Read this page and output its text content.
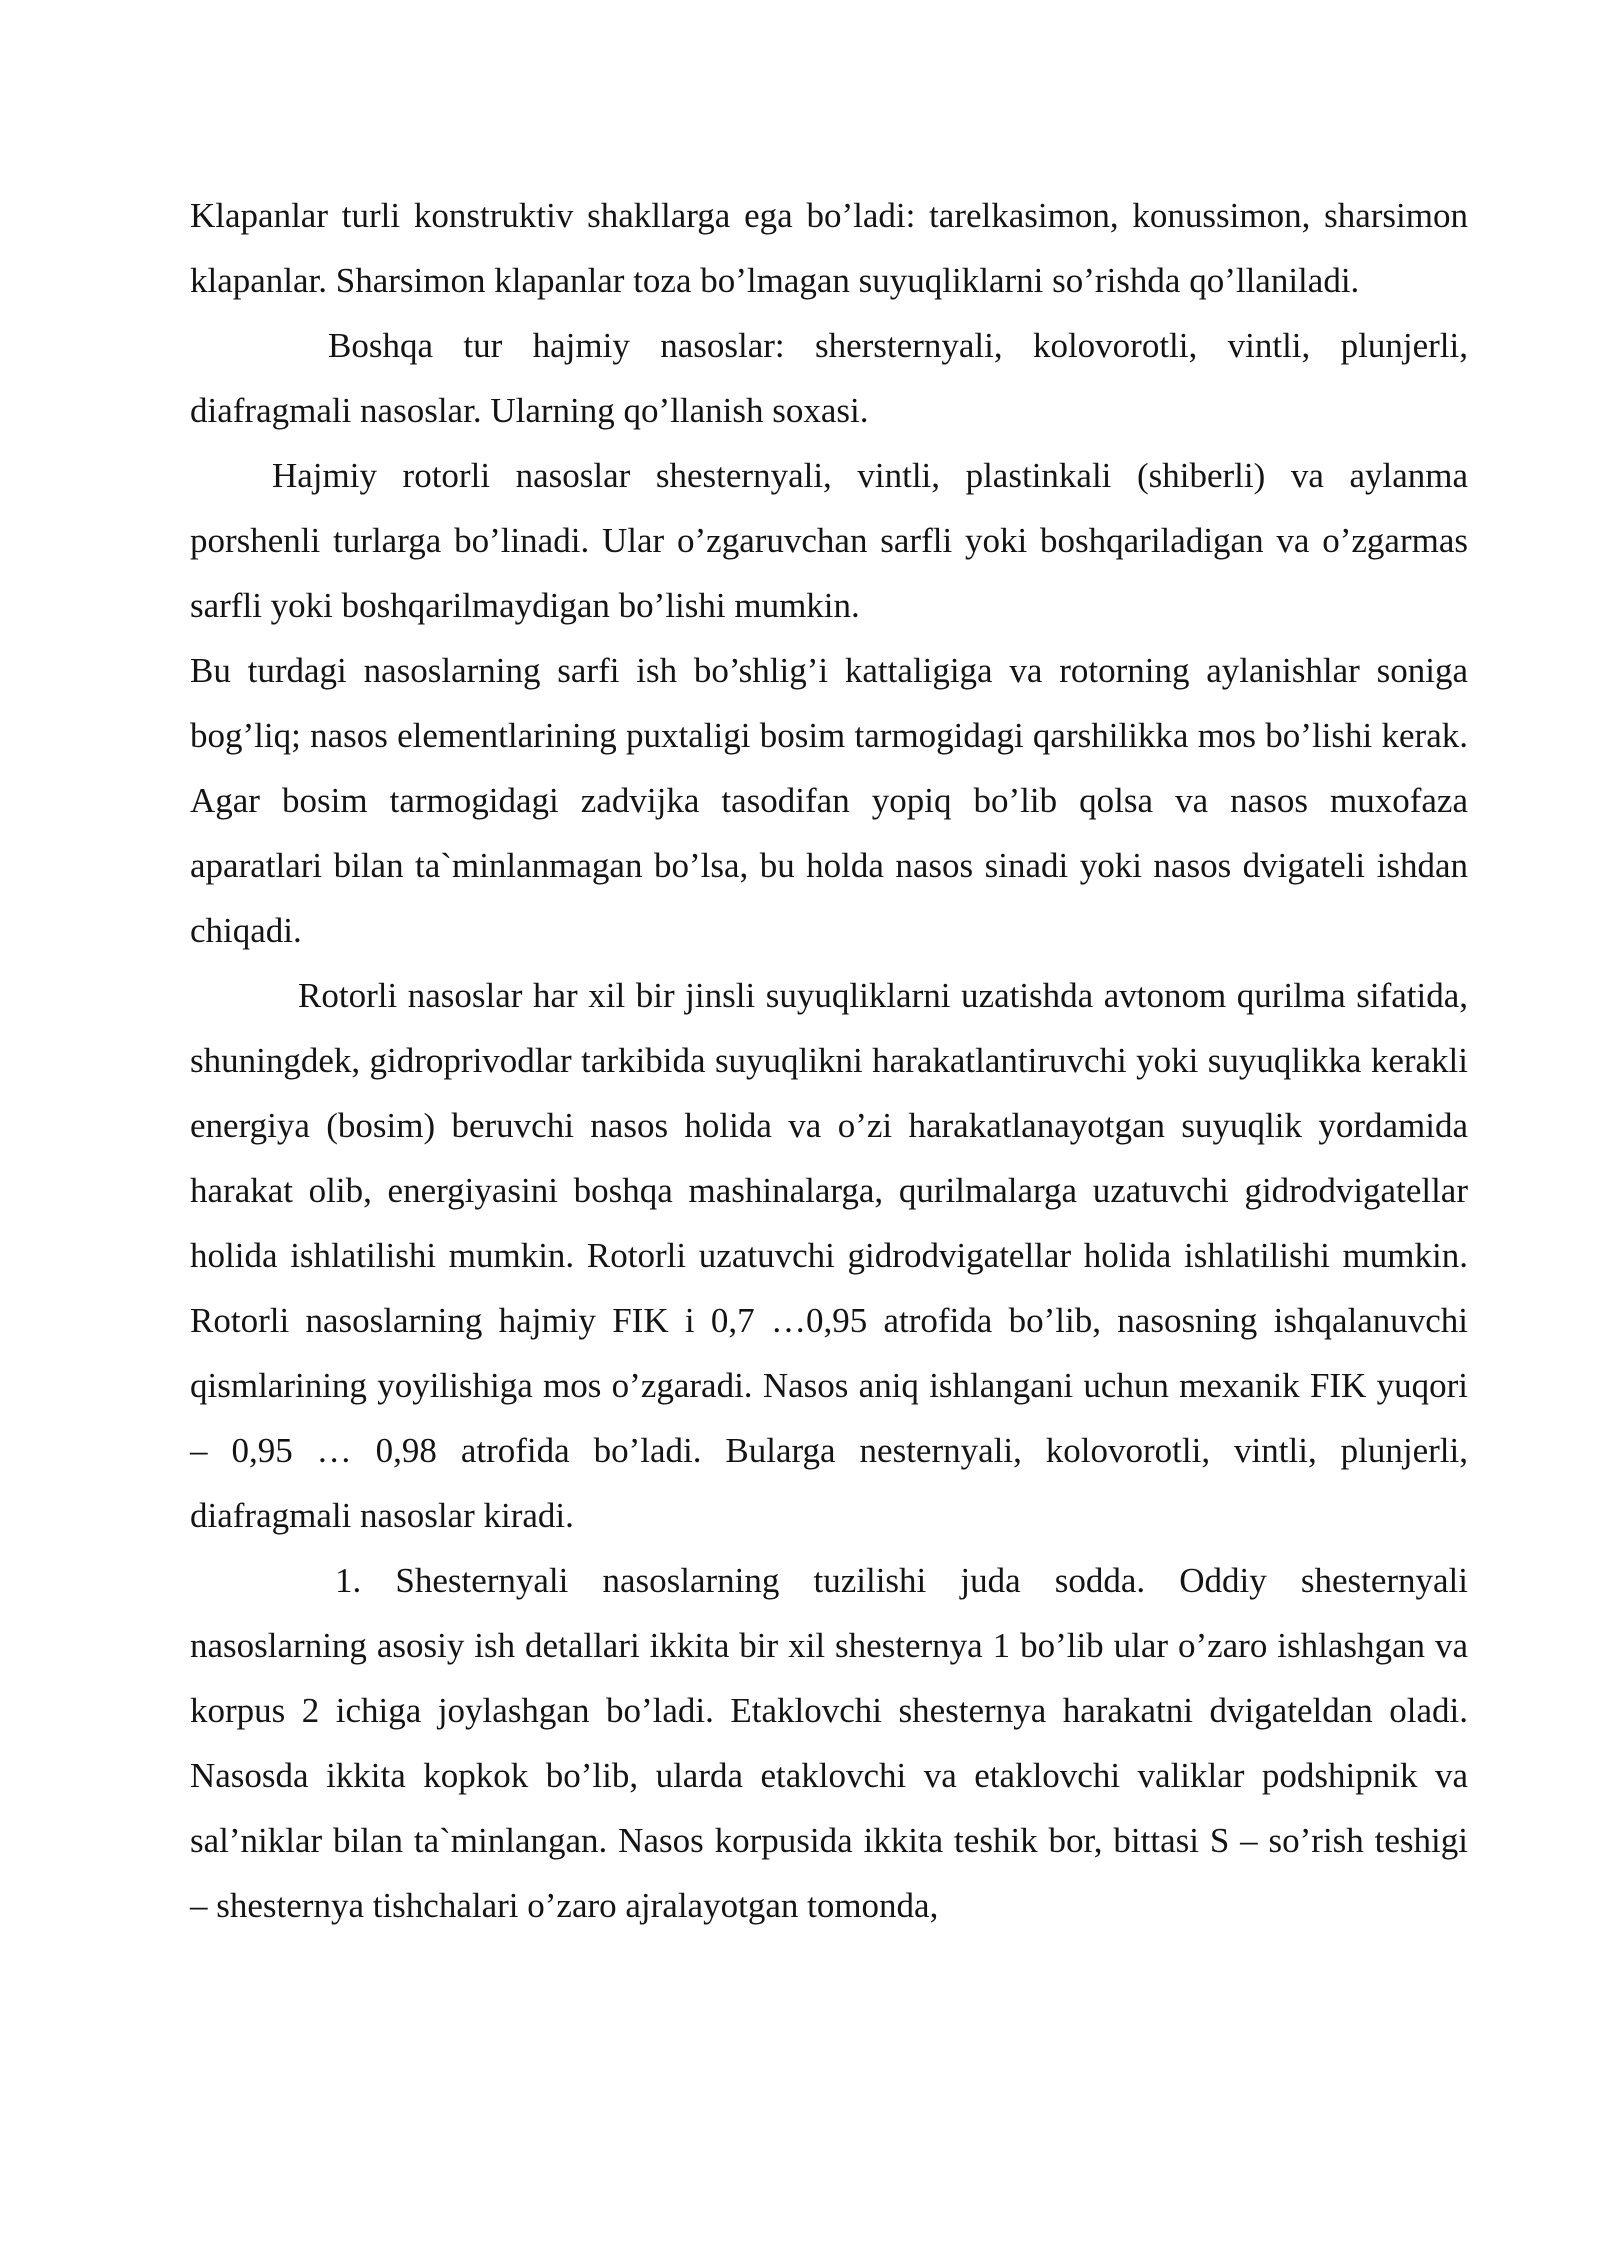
Klapanlar turli konstruktiv shakllarga ega bo’ladi: tarelkasimon, konussimon, sharsimon klapanlar. Sharsimon klapanlar toza bo’lmagan suyuqliklarni so’rishda qo’llaniladi.

Boshqa tur hajmiy nasoslar: shersternyali, kolovorotli, vintli, plunjerli, diafragmali nasoslar. Ularning qo’llanish soxasi.

Hajmiy rotorli nasoslar shesternyali, vintli, plastinkali (shiberli) va aylanma porshenli turlarga bo’linadi. Ular o’zgaruvchan sarfli yoki boshqariladigan va o’zgarmas sarfli yoki boshqarilmaydigan bo’lishi mumkin.

Bu turdagi nasoslarning sarfi ish bo’shlig’i kattaligiga va rotorning aylanishlar soniga bog’liq; nasos elementlarining puxtaligi bosim tarmogidagi qarshilikka mos bo’lishi kerak. Agar bosim tarmogidagi zadvijka tasodifan yopiq bo’lib qolsa va nasos muxofaza aparatlari bilan ta`minlanmagan bo’lsa, bu holda nasos sinadi yoki nasos dvigateli ishdan chiqadi.

Rotorli nasoslar har xil bir jinsli suyuqliklarni uzatishda avtonom qurilma sifatida, shuningdek, gidroprivodlar tarkibida suyuqlikni harakatlantiruvchi yoki suyuqlikka kerakli energiya (bosim) beruvchi nasos holida va o’zi harakatlanayotgan suyuqlik yordamida harakat olib, energiyasini boshqa mashinalarga, qurilmalarga uzatuvchi gidrodvigatellar holida ishlatilishi mumkin. Rotorli uzatuvchi gidrodvigatellar holida ishlatilishi mumkin. Rotorli nasoslarning hajmiy FIK i 0,7 …0,95 atrofida bo’lib, nasosning ishqalanuvchi qismlarining yoyilishiga mos o’zgaradi. Nasos aniq ishlangani uchun mexanik FIK yuqori – 0,95 … 0,98 atrofida bo’ladi. Bularga nesternyali, kolovorotli, vintli, plunjerli, diafragmali nasoslar kiradi.

1. Shesternyali nasoslarning tuzilishi juda sodda. Oddiy shesternyali nasoslarning asosiy ish detallari ikkita bir xil shesternya 1 bo’lib ular o’zaro ishlashgan va korpus 2 ichiga joylashgan bo’ladi. Etaklovchi shesternya harakatni dvigateldan oladi. Nasosda ikkita kopkok bo’lib, ularda etaklovchi va etaklovchi valiklar podshipnik va sal’niklar bilan ta`minlangan. Nasos korpusida ikkita teshik bor, bittasi S – so’rish teshigi – shesternya tishchalari o’zaro ajralayotgan tomonda,
